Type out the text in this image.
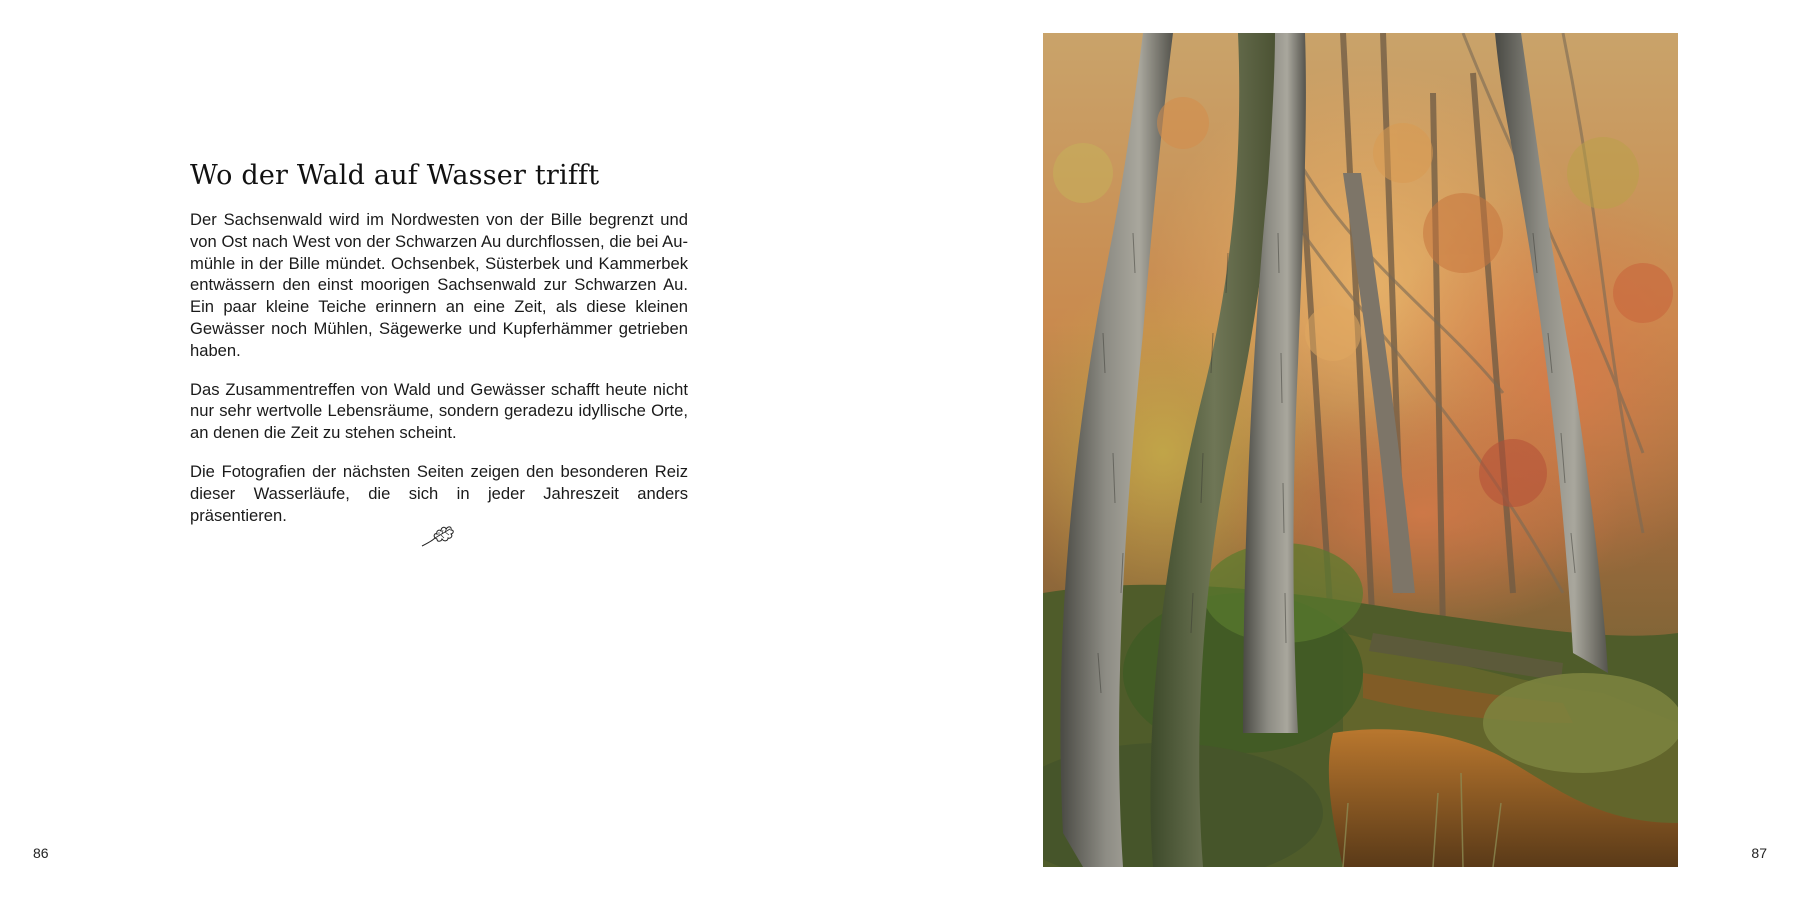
Wo der Wald auf Wasser trifft

Der Sachsenwald wird im Nordwesten von der Bille begrenzt und von Ost nach West von der Schwarzen Au durchflossen, die bei Aumühle in der Bille mündet. Ochsenbek, Süsterbek und Kammerbek entwässern den einst moorigen Sachsenwald zur Schwarzen Au. Ein paar kleine Teiche erinnern an eine Zeit, als diese kleinen Gewässer noch Mühlen, Sägewerke und Kupferhämmer getrieben haben.

Das Zusammentreffen von Wald und Gewässer schafft heute nicht nur sehr wertvolle Lebensräume, sondern geradezu idyllische Orte, an denen die Zeit zu stehen scheint.

Die Fotografien der nächsten Seiten zeigen den besonderen Reiz dieser Wasserläufe, die sich in jeder Jahreszeit anders präsentieren.

86	87
